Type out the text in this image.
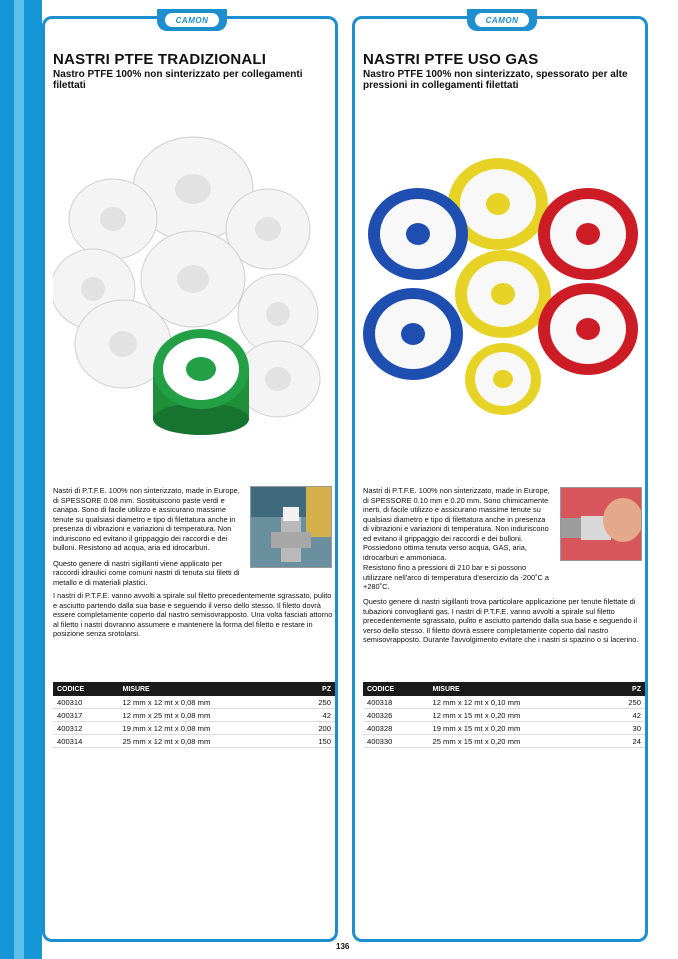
CAMON
NASTRI PTFE TRADIZIONALI
Nastro PTFE 100% non sinterizzato per collegamenti filettati

Nastri di P.T.F.E. 100% non sinterizzato, made in Europe, di SPESSORE 0.08 mm. Sostituiscono paste verdi e canapa. Sono di facile utilizzo e assicurano massime tenute su qualsiasi diametro e tipo di filettatura anche in presenza di vibrazioni e variazioni di temperatura. Non induriscono ed evitano il grippaggio dei raccordi e dei bulloni. Resistono ad acqua, aria ed idrocarburi.

Questo genere di nastri sigillanti viene applicato per raccordi idraulici come comuni nastri di tenuta sui filetti di metallo e di materiali plastici.

I nastri di P.T.F.E. vanno avvolti a spirale sul filetto precedentemente sgrassato, pulito e asciutto partendo dalla sua base e seguendo il verso dello stesso. Il filetto dovrà essere completamente coperto dal nastro semisovrapposto. Una volta fasciati attorno al filetto i nastri dovranno assumere e mantenere la forma del filetto e restare in posizione senza srotolarsi.

CODICE	MISURE	PZ
400310	12 mm x 12 mt x 0,08 mm	250
400317	12 mm x 25 mt x 0,08 mm	42
400312	19 mm x 12 mt x 0,08 mm	200
400314	25 mm x 12 mt x 0,08 mm	150
CAMON
NASTRI PTFE USO GAS
Nastro PTFE 100% non sinterizzato, spessorato per alte pressioni in collegamenti filettati

Nastri di P.T.F.E. 100% non sinterizzato, made in Europe, di SPESSORE 0.10 mm e 0.20 mm. Sono chimicamente inerti, di facile utilizzo e assicurano massime tenute su qualsiasi diametro e tipo di filettatura anche in presenza di vibrazioni e variazioni di temperatura. Non induriscono ed evitano il grippaggio dei raccordi e dei bulloni. Possiedono ottima tenuta verso acqua, GAS, aria, idrocarburi e ammoniaca.

Resistono fino a pressioni di 210 bar e si possono utilizzare nell'arco di temperatura d'esercizio da -200˚C a +280˚C.

Questo genere di nastri sigillanti trova particolare applicazione per tenute filettate di tubazioni convoglianti gas. I nastri di P.T.F.E. vanno avvolti a spirale sul filetto precedentemente sgrassato, pulito e asciutto partendo dalla sua base e seguendo il verso dello stesso. Il filetto dovrà essere completamente coperto dal nastro semisovrapposto. Durante l'avvolgimento evitare che i nastri si spazino o si lacerino.

CODICE	MISURE	PZ
400318	12 mm x 12 mt x 0,10 mm	250
400326	12 mm x 15 mt x 0,20 mm	42
400328	19 mm x 15 mt x 0,20 mm	30
400330	25 mm x 15 mt x 0,20 mm	24
136
